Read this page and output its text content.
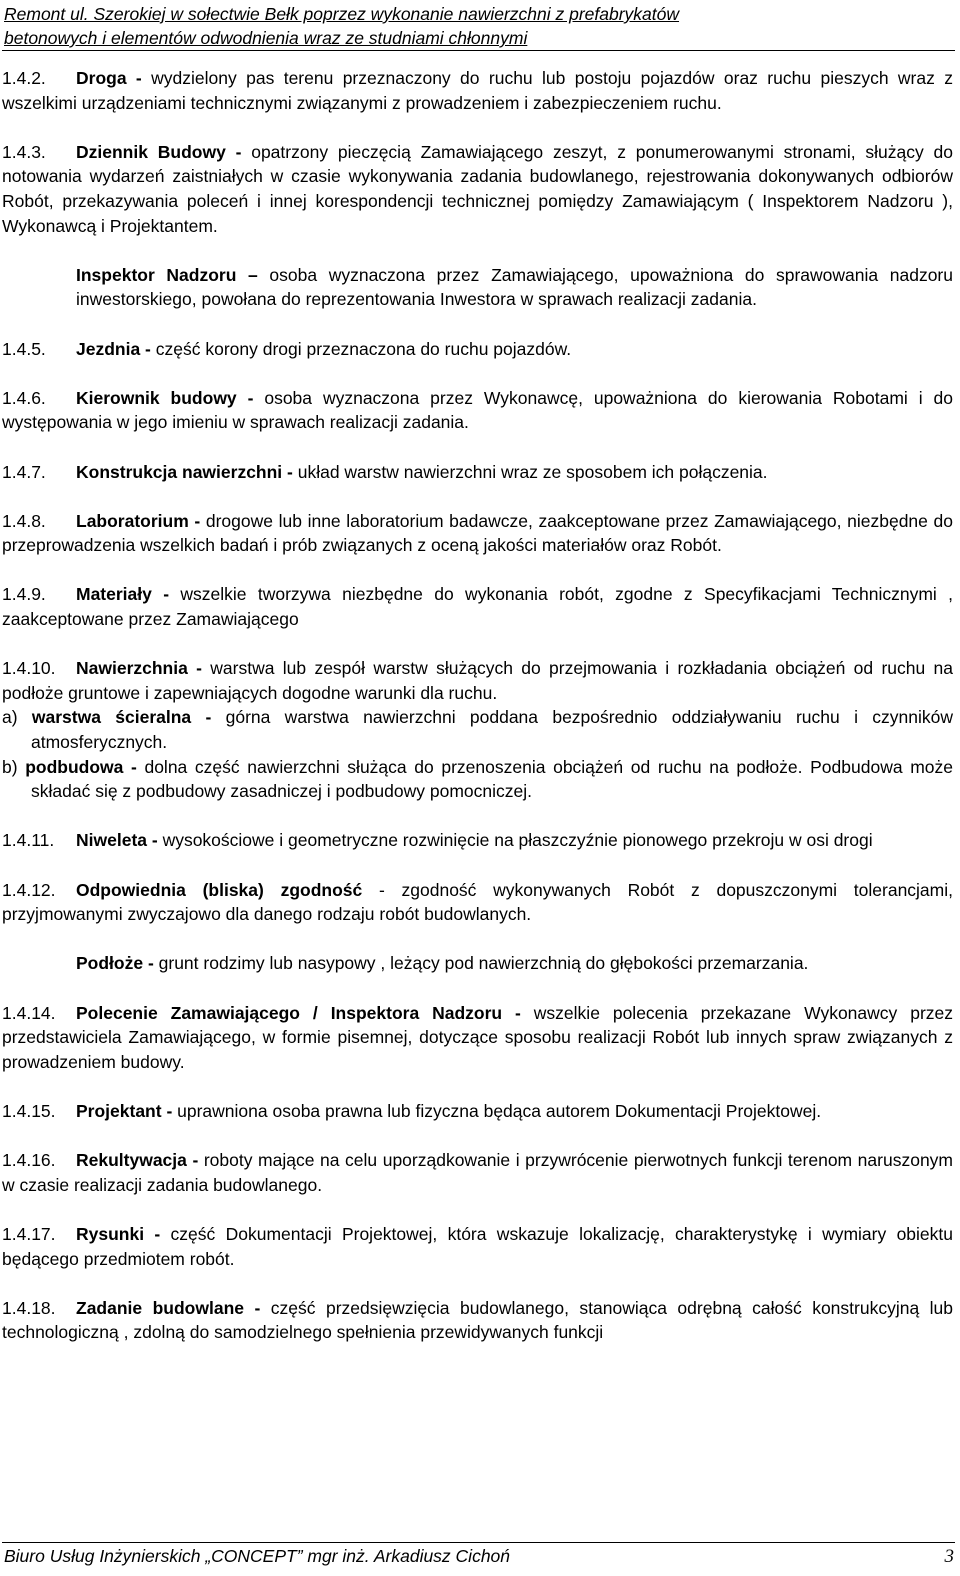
Remont ul. Szerokiej w sołectwie Bełk poprzez wykonanie nawierzchni z prefabrykatów
betonowych i elementów odwodnienia wraz ze studniami chłonnymi

1.4.2. Droga - wydzielony pas terenu przeznaczony do ruchu lub postoju pojazdów oraz ruchu pieszych wraz z wszelkimi urządzeniami technicznymi związanymi z prowadzeniem i zabezpieczeniem ruchu.

1.4.3. Dziennik Budowy - opatrzony pieczęcią Zamawiającego zeszyt, z ponumerowanymi stronami, służący do notowania wydarzeń zaistniałych w czasie wykonywania zadania budowlanego, rejestrowania dokonywanych odbiorów Robót, przekazywania poleceń i innej korespondencji technicznej pomiędzy Zamawiającym ( Inspektorem Nadzoru ), Wykonawcą i Projektantem.

Inspektor Nadzoru – osoba wyznaczona przez Zamawiającego, upoważniona do sprawowania nadzoru inwestorskiego, powołana do reprezentowania Inwestora w sprawach realizacji zadania.

1.4.5. Jezdnia - część korony drogi przeznaczona do ruchu pojazdów.

1.4.6. Kierownik budowy - osoba wyznaczona przez Wykonawcę, upoważniona do kierowania Robotami i do występowania w jego imieniu w sprawach realizacji zadania.

1.4.7. Konstrukcja nawierzchni - układ warstw nawierzchni wraz ze sposobem ich połączenia.

1.4.8. Laboratorium - drogowe lub inne laboratorium badawcze, zaakceptowane przez Zamawiającego, niezbędne do przeprowadzenia wszelkich badań i prób związanych z oceną jakości materiałów oraz Robót.

1.4.9. Materiały - wszelkie tworzywa niezbędne do wykonania robót, zgodne z Specyfikacjami Technicznymi , zaakceptowane przez Zamawiającego

1.4.10. Nawierzchnia - warstwa lub zespół warstw służących do przejmowania i rozkładania obciążeń od ruchu na podłoże gruntowe i zapewniających dogodne warunki dla ruchu.

a) warstwa ścieralna - górna warstwa nawierzchni poddana bezpośrednio oddziaływaniu ruchu i czynników atmosferycznych.

b) podbudowa - dolna część nawierzchni służąca do przenoszenia obciążeń od ruchu na podłoże. Podbudowa może składać się z podbudowy zasadniczej i podbudowy pomocniczej.

1.4.11. Niweleta - wysokościowe i geometryczne rozwinięcie na płaszczyźnie pionowego przekroju w osi drogi

1.4.12. Odpowiednia (bliska) zgodność - zgodność wykonywanych Robót z dopuszczonymi tolerancjami, przyjmowanymi zwyczajowo dla danego rodzaju robót budowlanych.

Podłoże - grunt rodzimy lub nasypowy , leżący pod nawierzchnią do głębokości przemarzania.

1.4.14. Polecenie Zamawiającego / Inspektora Nadzoru - wszelkie polecenia przekazane Wykonawcy przez przedstawiciela Zamawiającego, w formie pisemnej, dotyczące sposobu realizacji Robót lub innych spraw związanych z prowadzeniem budowy.

1.4.15. Projektant - uprawniona osoba prawna lub fizyczna będąca autorem Dokumentacji Projektowej.

1.4.16. Rekultywacja - roboty mające na celu uporządkowanie i przywrócenie pierwotnych funkcji terenom naruszonym w czasie realizacji zadania budowlanego.

1.4.17. Rysunki - część Dokumentacji Projektowej, która wskazuje lokalizację, charakterystykę i wymiary obiektu będącego przedmiotem robót.

1.4.18. Zadanie budowlane - część przedsięwzięcia budowlanego, stanowiąca odrębną całość konstrukcyjną lub technologiczną , zdolną do samodzielnego spełnienia przewidywanych funkcji

Biuro Usług Inżynierskich „CONCEPT” mgr inż. Arkadiusz Cichoń	3
